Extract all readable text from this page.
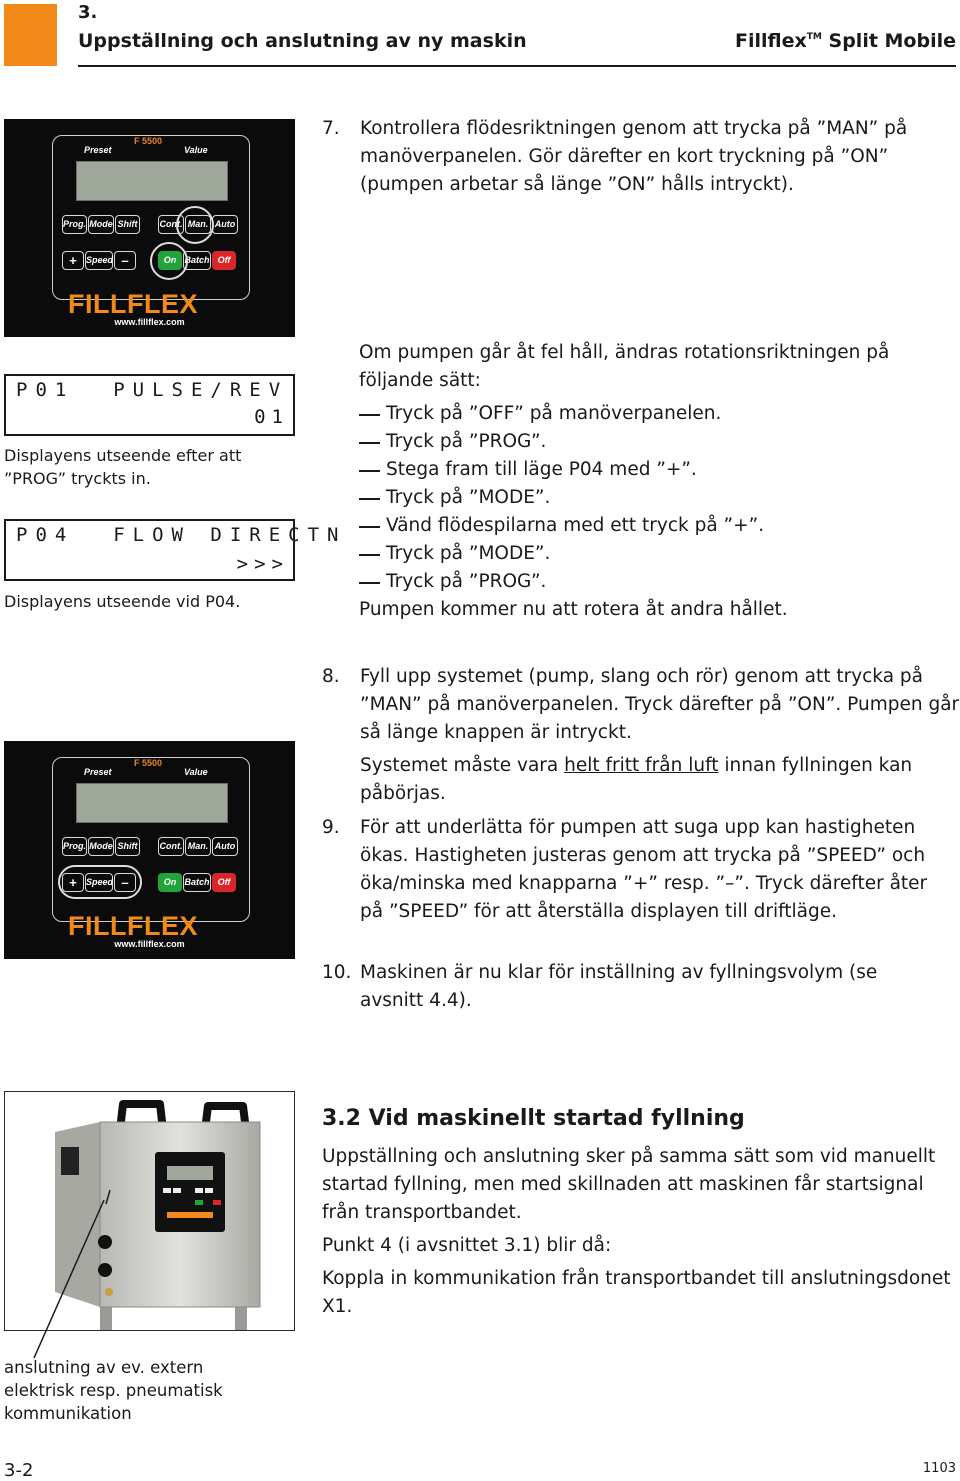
3.
Uppställning och anslutning av ny maskin	Fillflex™ Split Mobile
F 5500
Preset	Value
Prog. Mode Shift Cont. Man. Auto
+	Speed –	On Batch Off
FILLFLEX
www.fillflex.com
7. Kontrollera flödesriktningen genom att trycka på ”MAN” på manöverpanelen. Gör därefter en kort tryckning på ”ON” (pumpen arbetar så länge ”ON” hålls intryckt).
P01  PULSE/REV
01
Displayens utseende efter att ”PROG” tryckts in.
P04  FLOW DIRECTN
>>>
Displayens utseende vid P04.
Om pumpen går åt fel håll, ändras rotationsriktningen på följande sätt:
Tryck på ”OFF” på manöverpanelen.
Tryck på ”PROG”.
Stega fram till läge P04 med ”+”.
Tryck på ”MODE”.
Vänd flödespilarna med ett tryck på ”+”.
Tryck på ”MODE”.
Tryck på ”PROG”.
Pumpen kommer nu att rotera åt andra hållet.
F 5500
Preset	Value
Prog. Mode Shift Cont. Man. Auto
+	Speed –	On Batch Off
FILLFLEX
www.fillflex.com
8. Fyll upp systemet (pump, slang och rör) genom att trycka på ”MAN” på manöverpanelen. Tryck därefter på ”ON”. Pumpen går så länge knappen är intryckt.
Systemet måste vara helt fritt från luft innan fyllningen kan påbörjas.
9. För att underlätta för pumpen att suga upp kan hastigheten ökas. Hastigheten justeras genom att trycka på ”SPEED” och öka/minska med knapparna ”+” resp. ”–”. Tryck därefter åter på ”SPEED” för att återställa displayen till driftläge.
10. Maskinen är nu klar för inställning av fyllningsvolym (se avsnitt 4.4).
anslutning av ev. extern elektrisk resp. pneumatisk kommunikation
3.2 Vid maskinellt startad fyllning
Uppställning och anslutning sker på samma sätt som vid manuellt startad fyllning, men med skillnaden att maskinen får startsignal från transportbandet.
Punkt 4 (i avsnittet 3.1) blir då:
Koppla in kommunikation från transportbandet till anslutningsdonet X1.
3-2	1103
